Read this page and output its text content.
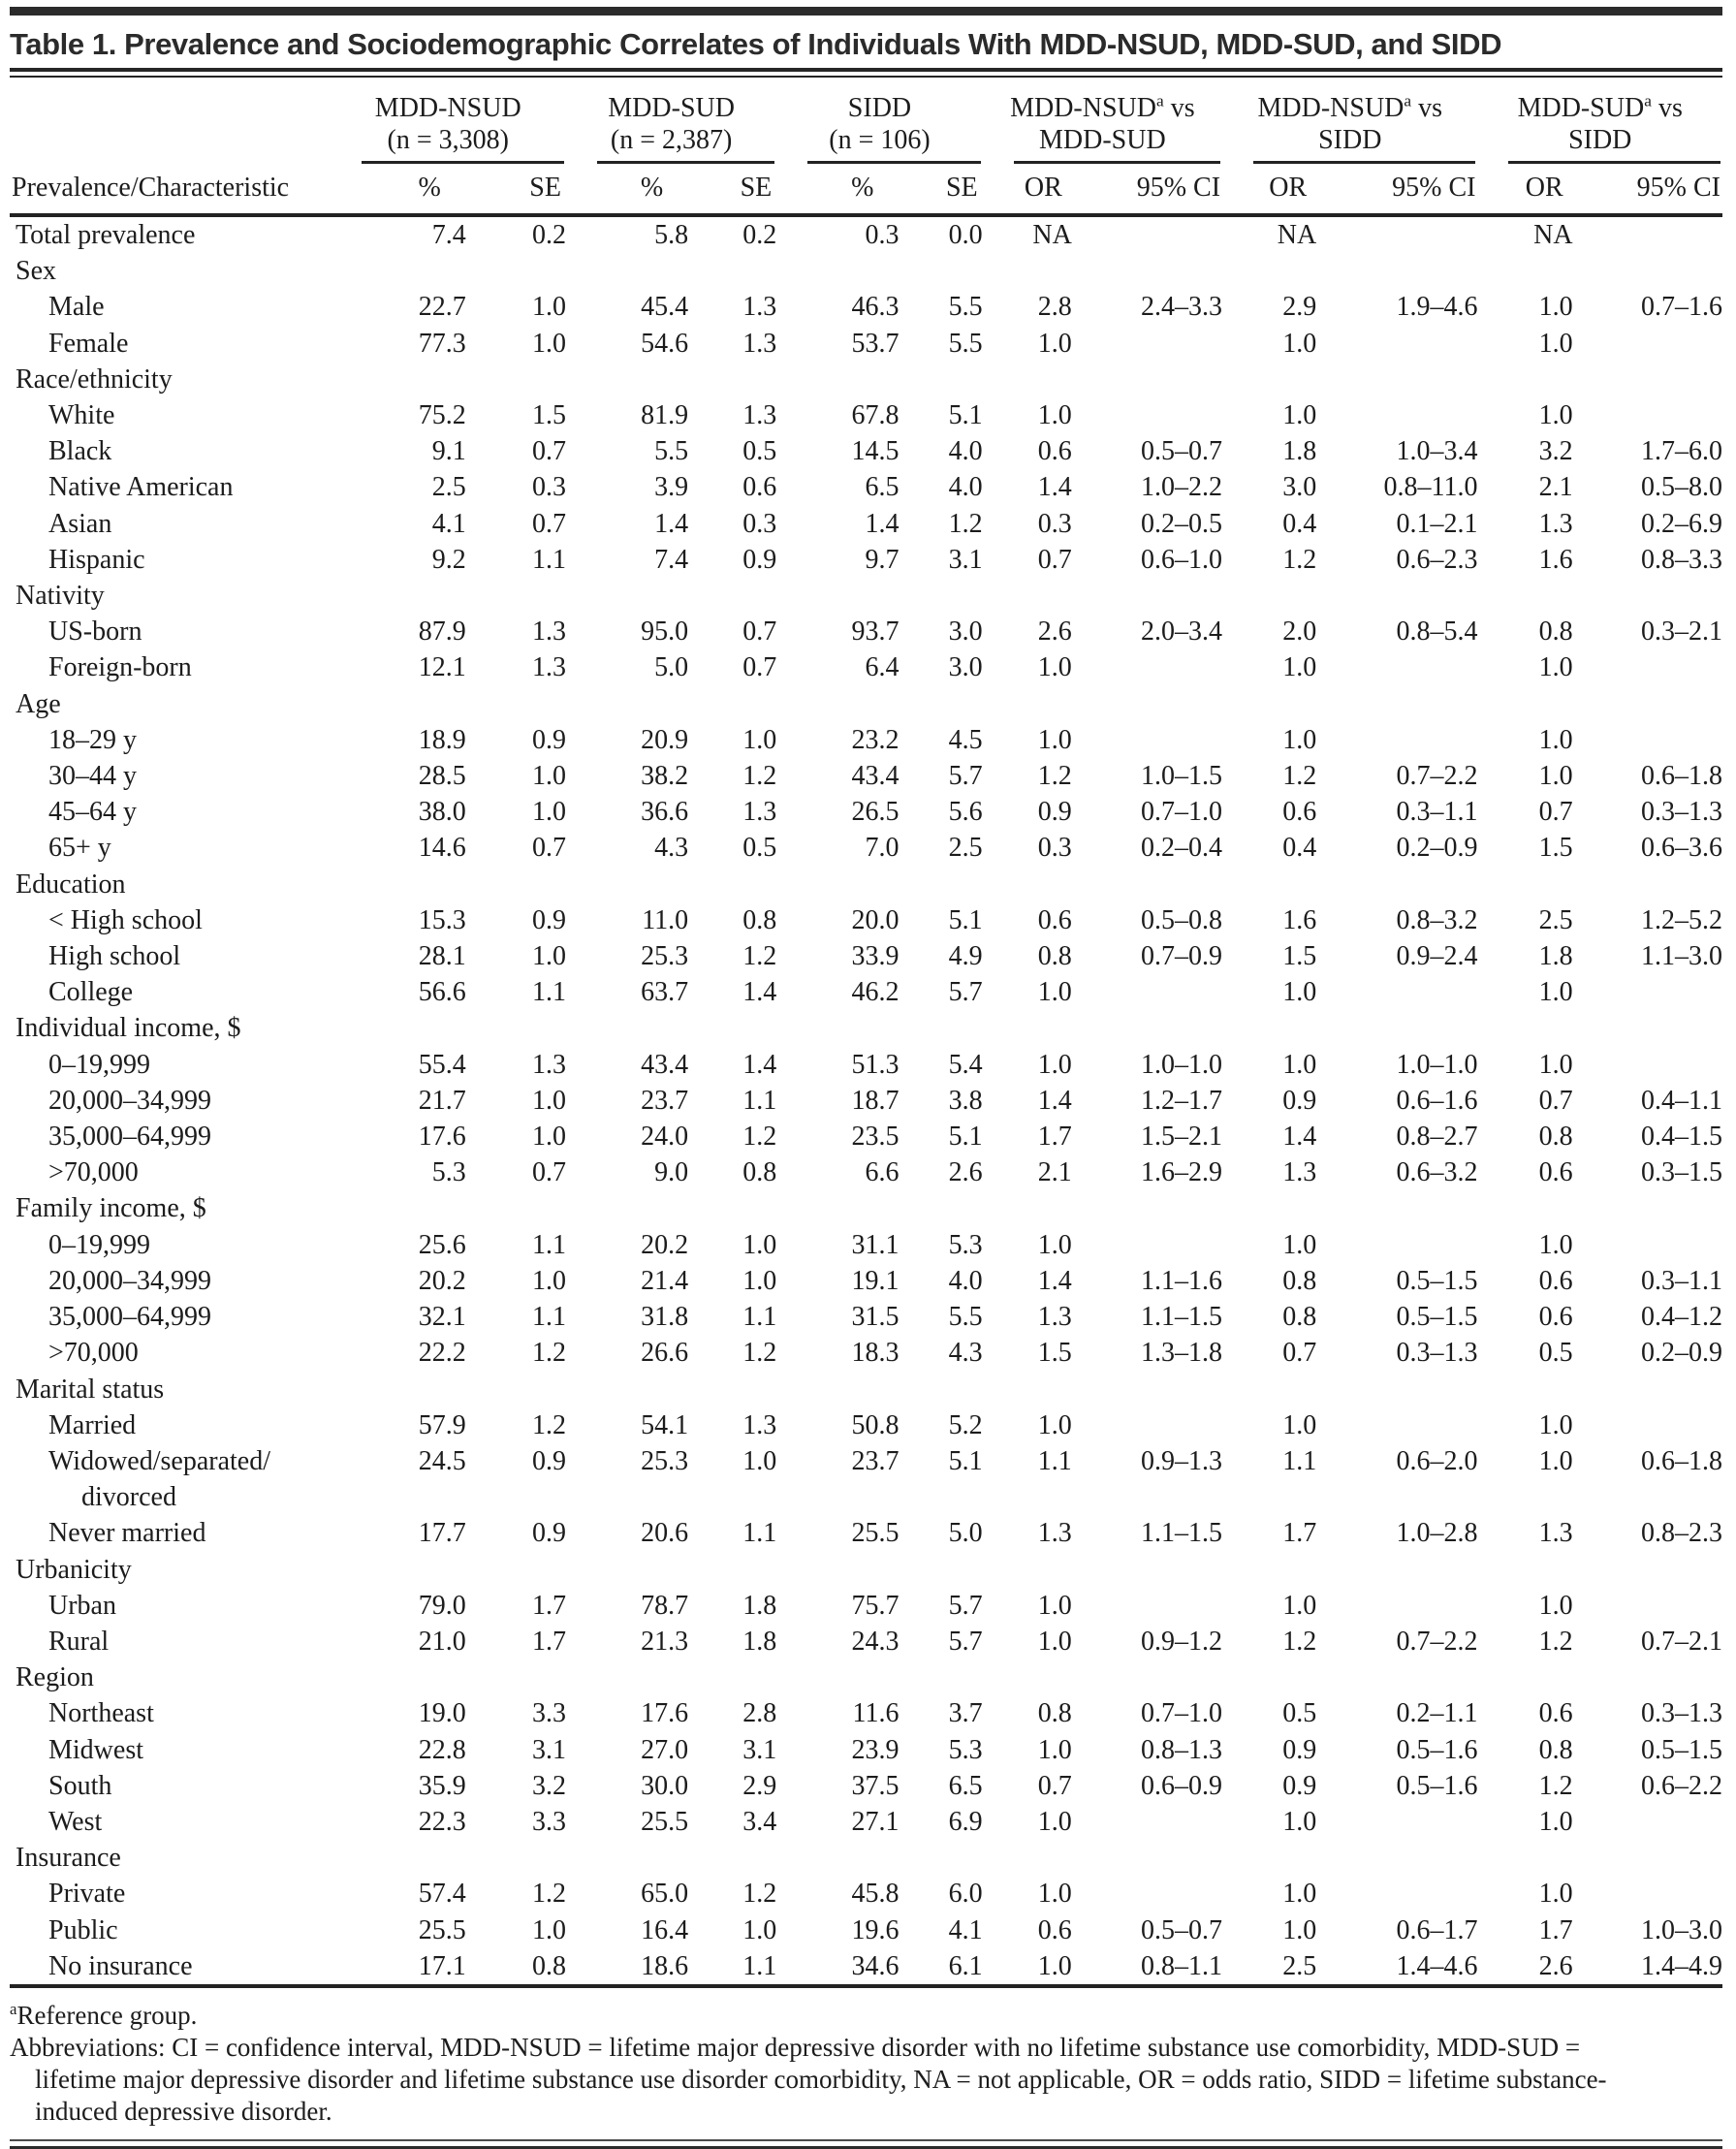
Table 1. Prevalence and Sociodemographic Correlates of Individuals With MDD-NSUD, MDD-SUD, and SIDD

MDD-NSUD
(n = 3,308)

MDD-SUD
(n = 2,387)

SIDD
(n = 106)

MDD-NSUD$^a$ vs
MDD-SUD

MDD-NSUD$^a$ vs
SIDD

MDD-SUD$^a$ vs
SIDD

Prevalence/Characteristic	%	SE	%	SE	%	SE	OR	95% CI	OR	95% CI	OR	95% CI
Total prevalence	7.4	0.2	5.8	0.2	0.3	0.0	NA		NA		NA	
Sex												
Male	22.7	1.0	45.4	1.3	46.3	5.5	2.8	2.4–3.3	2.9	1.9–4.6	1.0	0.7–1.6
Female	77.3	1.0	54.6	1.3	53.7	5.5	1.0		1.0		1.0	
Race/ethnicity												
White	75.2	1.5	81.9	1.3	67.8	5.1	1.0		1.0		1.0	
Black	9.1	0.7	5.5	0.5	14.5	4.0	0.6	0.5–0.7	1.8	1.0–3.4	3.2	1.7–6.0
Native American	2.5	0.3	3.9	0.6	6.5	4.0	1.4	1.0–2.2	3.0	0.8–11.0	2.1	0.5–8.0
Asian	4.1	0.7	1.4	0.3	1.4	1.2	0.3	0.2–0.5	0.4	0.1–2.1	1.3	0.2–6.9
Hispanic	9.2	1.1	7.4	0.9	9.7	3.1	0.7	0.6–1.0	1.2	0.6–2.3	1.6	0.8–3.3
Nativity												
US-born	87.9	1.3	95.0	0.7	93.7	3.0	2.6	2.0–3.4	2.0	0.8–5.4	0.8	0.3–2.1
Foreign-born	12.1	1.3	5.0	0.7	6.4	3.0	1.0		1.0		1.0	
Age												
18–29 y	18.9	0.9	20.9	1.0	23.2	4.5	1.0		1.0		1.0	
30–44 y	28.5	1.0	38.2	1.2	43.4	5.7	1.2	1.0–1.5	1.2	0.7–2.2	1.0	0.6–1.8
45–64 y	38.0	1.0	36.6	1.3	26.5	5.6	0.9	0.7–1.0	0.6	0.3–1.1	0.7	0.3–1.3
65+ y	14.6	0.7	4.3	0.5	7.0	2.5	0.3	0.2–0.4	0.4	0.2–0.9	1.5	0.6–3.6
Education												
< High school	15.3	0.9	11.0	0.8	20.0	5.1	0.6	0.5–0.8	1.6	0.8–3.2	2.5	1.2–5.2
High school	28.1	1.0	25.3	1.2	33.9	4.9	0.8	0.7–0.9	1.5	0.9–2.4	1.8	1.1–3.0
College	56.6	1.1	63.7	1.4	46.2	5.7	1.0		1.0		1.0	
Individual income, $												
0–19,999	55.4	1.3	43.4	1.4	51.3	5.4	1.0	1.0–1.0	1.0	1.0–1.0	1.0	
20,000–34,999	21.7	1.0	23.7	1.1	18.7	3.8	1.4	1.2–1.7	0.9	0.6–1.6	0.7	0.4–1.1
35,000–64,999	17.6	1.0	24.0	1.2	23.5	5.1	1.7	1.5–2.1	1.4	0.8–2.7	0.8	0.4–1.5
>70,000	5.3	0.7	9.0	0.8	6.6	2.6	2.1	1.6–2.9	1.3	0.6–3.2	0.6	0.3–1.5
Family income, $												
0–19,999	25.6	1.1	20.2	1.0	31.1	5.3	1.0		1.0		1.0	
20,000–34,999	20.2	1.0	21.4	1.0	19.1	4.0	1.4	1.1–1.6	0.8	0.5–1.5	0.6	0.3–1.1
35,000–64,999	32.1	1.1	31.8	1.1	31.5	5.5	1.3	1.1–1.5	0.8	0.5–1.5	0.6	0.4–1.2
>70,000	22.2	1.2	26.6	1.2	18.3	4.3	1.5	1.3–1.8	0.7	0.3–1.3	0.5	0.2–0.9
Marital status												
Married	57.9	1.2	54.1	1.3	50.8	5.2	1.0		1.0		1.0	

Widowed/separated/
divorced	24.5	0.9	25.3	1.0	23.7	5.1	1.1	0.9–1.3	1.1	0.6–2.0	1.0	0.6–1.8
Never married	17.7	0.9	20.6	1.1	25.5	5.0	1.3	1.1–1.5	1.7	1.0–2.8	1.3	0.8–2.3
Urbanicity												
Urban	79.0	1.7	78.7	1.8	75.7	5.7	1.0		1.0		1.0	
Rural	21.0	1.7	21.3	1.8	24.3	5.7	1.0	0.9–1.2	1.2	0.7–2.2	1.2	0.7–2.1
Region												
Northeast	19.0	3.3	17.6	2.8	11.6	3.7	0.8	0.7–1.0	0.5	0.2–1.1	0.6	0.3–1.3
Midwest	22.8	3.1	27.0	3.1	23.9	5.3	1.0	0.8–1.3	0.9	0.5–1.6	0.8	0.5–1.5
South	35.9	3.2	30.0	2.9	37.5	6.5	0.7	0.6–0.9	0.9	0.5–1.6	1.2	0.6–2.2
West	22.3	3.3	25.5	3.4	27.1	6.9	1.0		1.0		1.0	
Insurance												
Private	57.4	1.2	65.0	1.2	45.8	6.0	1.0		1.0		1.0	
Public	25.5	1.0	16.4	1.0	19.6	4.1	0.6	0.5–0.7	1.0	0.6–1.7	1.7	1.0–3.0
No insurance	17.1	0.8	18.6	1.1	34.6	6.1	1.0	0.8–1.1	2.5	1.4–4.6	2.6	1.4–4.9
$^a$Reference group.
Abbreviations: CI = confidence interval, MDD-NSUD = lifetime major depressive disorder with no lifetime substance use comorbidity, MDD-SUD = lifetime major depressive disorder and lifetime substance use disorder comorbidity, NA = not applicable, OR = odds ratio, SIDD = lifetime substance-induced depressive disorder.
